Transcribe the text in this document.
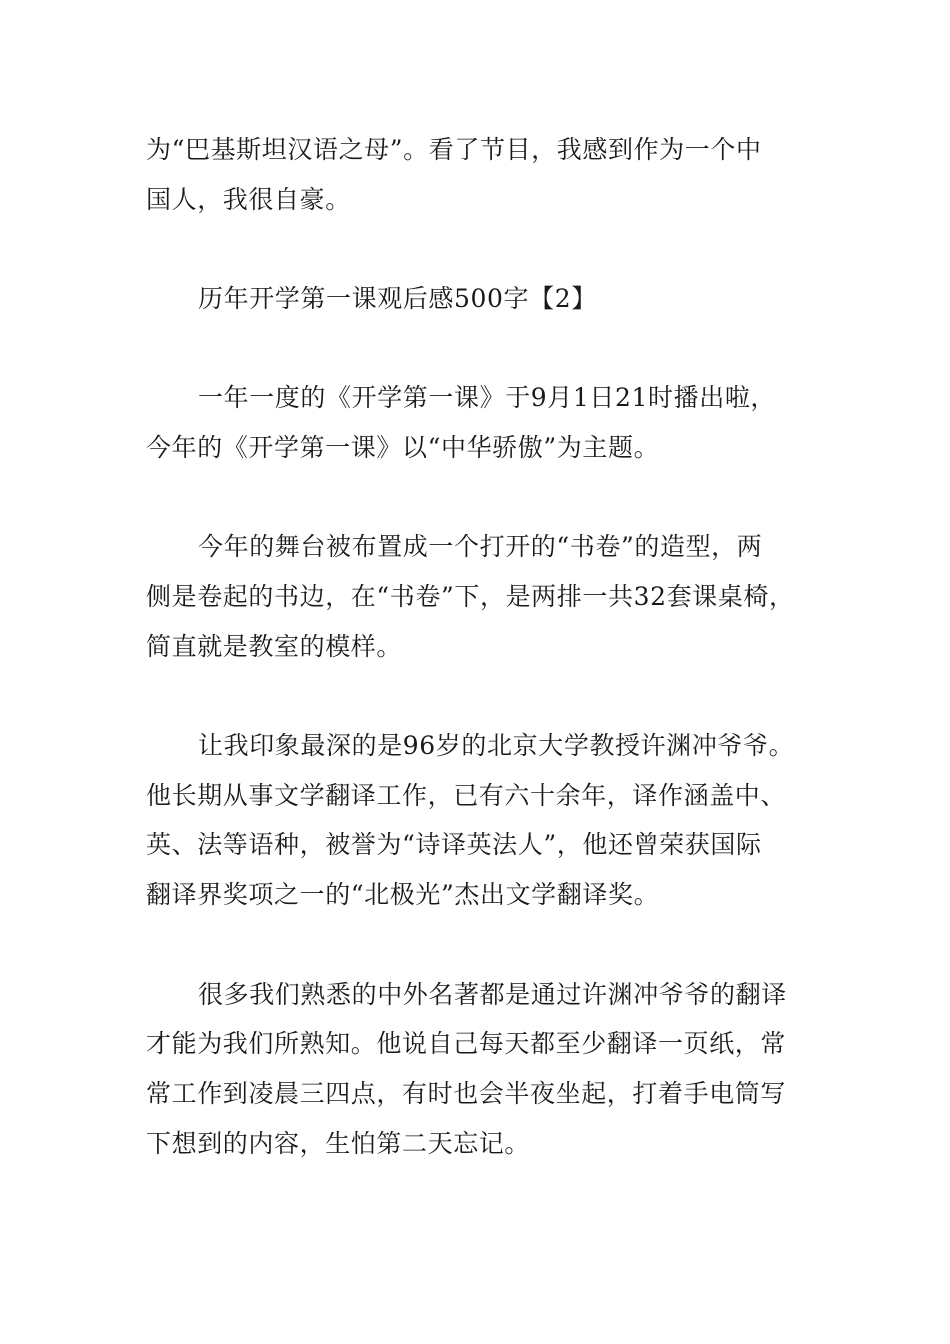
为“巴基斯坦汉语之母”。看了节目，我感到作为一个中
国人，我很自豪。
历年开学第一课观后感500字【2】
一年一度的《开学第一课》于9月1日21时播出啦，
今年的《开学第一课》以“中华骄傲”为主题。
今年的舞台被布置成一个打开的“书卷”的造型，两
侧是卷起的书边，在“书卷”下，是两排一共32套课桌椅，
简直就是教室的模样。
让我印象最深的是96岁的北京大学教授许渊冲爷爷。
他长期从事文学翻译工作，已有六十余年，译作涵盖中、
英、法等语种，被誉为“诗译英法人”，他还曾荣获国际
翻译界奖项之一的“北极光”杰出文学翻译奖。
很多我们熟悉的中外名著都是通过许渊冲爷爷的翻译
才能为我们所熟知。他说自己每天都至少翻译一页纸，常
常工作到凌晨三四点，有时也会半夜坐起，打着手电筒写
下想到的内容，生怕第二天忘记。
